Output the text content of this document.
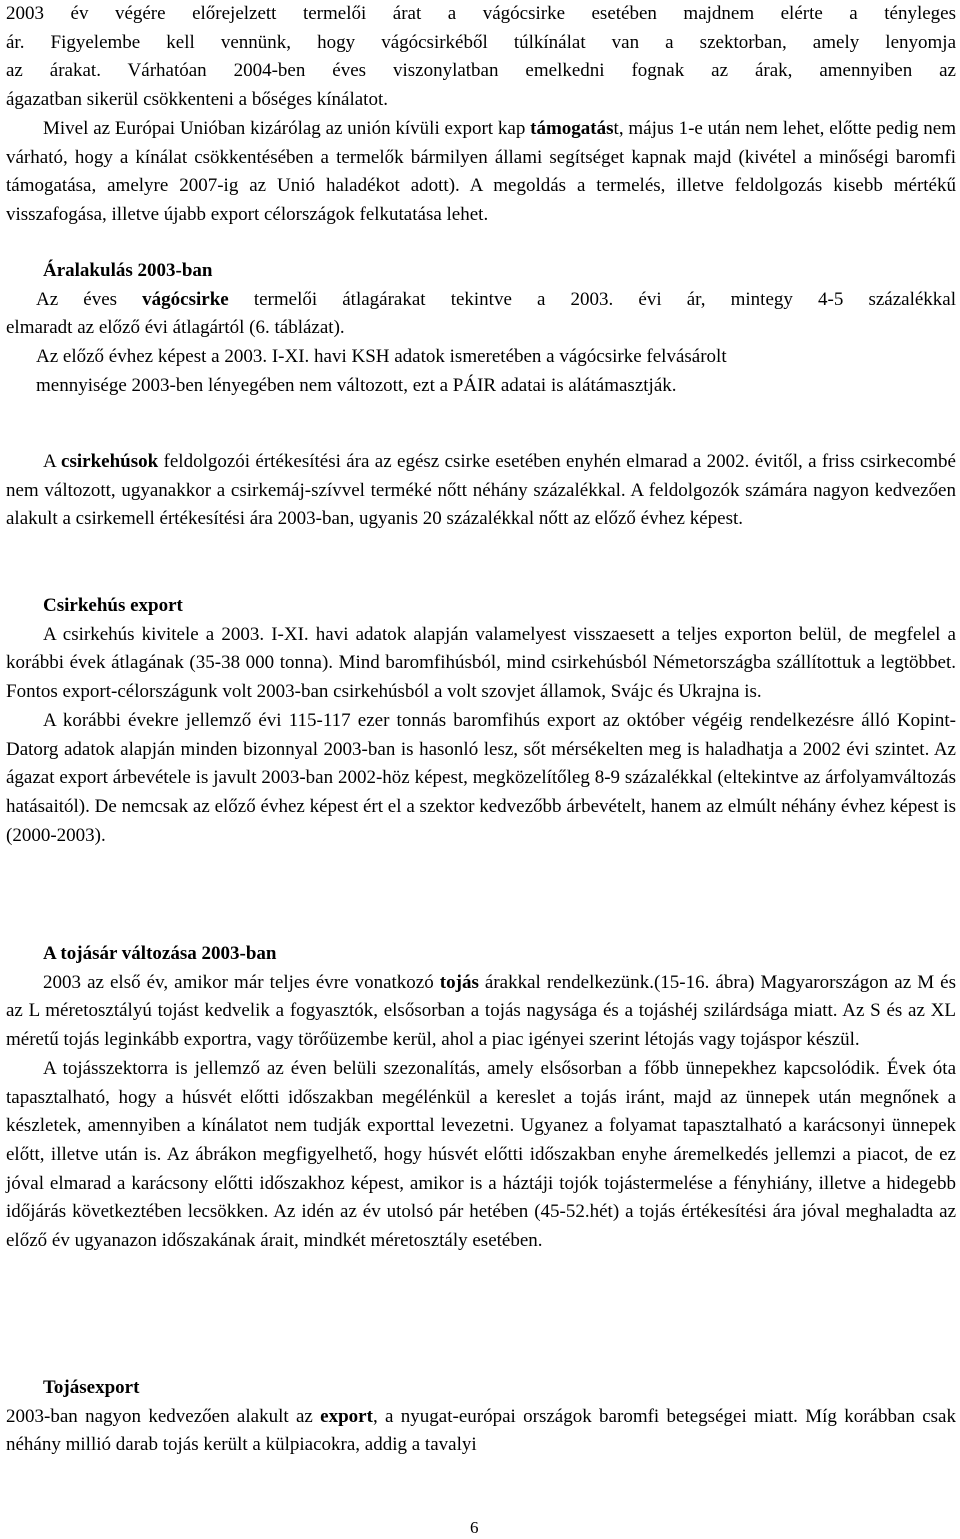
2003 év végére előrejelzett termelői árat a vágócsirke esetében majdnem elérte a tényleges

ár. Figyelembe kell vennünk, hogy vágócsirkéből túlkínálat van a szektorban, amely lenyomja

az árakat. Várhatóan 2004-ben éves viszonylatban emelkedni fognak az árak, amennyiben az

ágazatban sikerül csökkenteni a bőséges kínálatot.

Mivel az Európai Unióban kizárólag az unión kívüli export kap támogatást, május 1-e után nem lehet, előtte pedig nem várható, hogy a kínálat csökkentésében a termelők bármilyen állami segítséget kapnak majd (kivétel a minőségi baromfi támogatása, amelyre 2007-ig az Unió haladékot adott). A megoldás a termelés, illetve feldolgozás kisebb mértékű visszafogása, illetve újabb export célországok felkutatása lehet.

Áralakulás 2003-ban

Az éves vágócsirke termelői átlagárakat tekintve a 2003. évi ár, mintegy 4-5 százalékkal

elmaradt az előző évi átlagártól (6. táblázat).

Az előző évhez képest a 2003. I-XI. havi KSH adatok ismeretében a vágócsirke felvásárolt

mennyisége 2003-ben lényegében nem változott, ezt a PÁIR adatai is alátámasztják.

A csirkehúsok feldolgozói értékesítési ára az egész csirke esetében enyhén elmarad a 2002. évitől, a friss csirkecombé nem változott, ugyanakkor a csirkemáj-szívvel terméké nőtt néhány százalékkal. A feldolgozók számára nagyon kedvezően alakult a csirkemell értékesítési ára 2003-ban, ugyanis 20 százalékkal nőtt az előző évhez képest.

Csirkehús export

A csirkehús kivitele a 2003. I-XI. havi adatok alapján valamelyest visszaesett a teljes exporton belül, de megfelel a korábbi évek átlagának (35-38 000 tonna). Mind baromfihúsból, mind csirkehúsból Németországba szállítottuk a legtöbbet. Fontos export-célországunk volt 2003-ban csirkehúsból a volt szovjet államok, Svájc és Ukrajna is.

A korábbi évekre jellemző évi 115-117 ezer tonnás baromfihús export az október végéig rendelkezésre álló Kopint-Datorg adatok alapján minden bizonnyal 2003-ban is hasonló lesz, sőt mérsékelten meg is haladhatja a 2002 évi szintet. Az ágazat export árbevétele is javult 2003-ban 2002-höz képest, megközelítőleg 8-9 százalékkal (eltekintve az árfolyamváltozás hatásaitól). De nemcsak az előző évhez képest ért el a szektor kedvezőbb árbevételt, hanem az elmúlt néhány évhez képest is (2000-2003).

A tojásár változása 2003-ban

2003 az első év, amikor már teljes évre vonatkozó tojás árakkal rendelkezünk.(15-16. ábra) Magyarországon az M és az L méretosztályú tojást kedvelik a fogyasztók, elsősorban a tojás nagysága és a tojáshéj szilárdsága miatt. Az S és az XL méretű tojás leginkább exportra, vagy törőüzembe kerül, ahol a piac igényei szerint létojás vagy tojáspor készül.

A tojásszektorra is jellemző az éven belüli szezonalítás, amely elsősorban a főbb ünnepekhez kapcsolódik. Évek óta tapasztalható, hogy a húsvét előtti időszakban megélénkül a kereslet a tojás iránt, majd az ünnepek után megnőnek a készletek, amennyiben a kínálatot nem tudják exporttal levezetni. Ugyanez a folyamat tapasztalható a karácsonyi ünnepek előtt, illetve után is. Az ábrákon megfigyelhető, hogy húsvét előtti időszakban enyhe áremelkedés jellemzi a piacot, de ez jóval elmarad a karácsony előtti időszakhoz képest, amikor is a háztáji tojók tojástermelése a fényhiány, illetve a hidegebb időjárás következtében lecsökken. Az idén az év utolsó pár hetében (45-52.hét) a tojás értékesítési ára jóval meghaladta az előző év ugyanazon időszakának árait, mindkét méretosztály esetében.

Tojásexport

2003-ban nagyon kedvezően alakult az export, a nyugat-európai országok baromfi betegségei miatt. Míg korábban csak néhány millió darab tojás került a külpiacokra, addig a tavalyi

6
